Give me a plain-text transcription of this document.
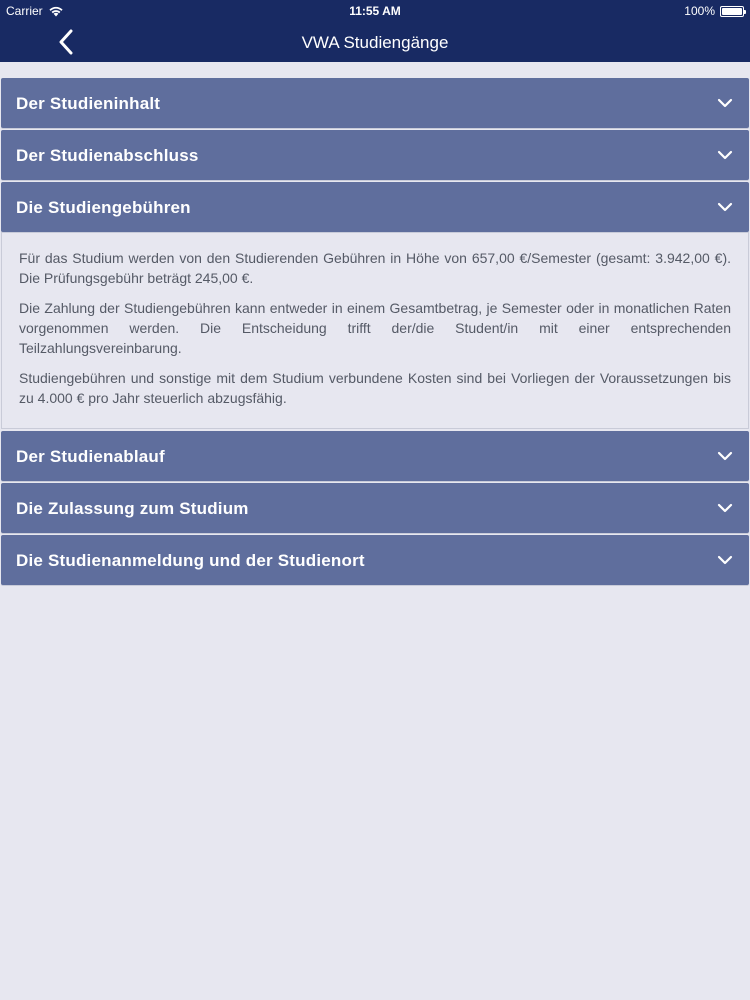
Carrier	11:55 AM	100%
VWA Studiengänge
Der Studieninhalt
Der Studienabschluss
Die Studiengebühren

Für das Studium werden von den Studierenden Gebühren in Höhe von 657,00 €/Semester (gesamt: 3.942,00 €). Die Prüfungsgebühr beträgt 245,00 €.

Die Zahlung der Studiengebühren kann entweder in einem Gesamtbetrag, je Semester oder in monatlichen Raten vorgenommen werden. Die Entscheidung trifft der/die Student/in mit einer entsprechenden Teilzahlungsvereinbarung.

Studiengebühren und sonstige mit dem Studium verbundene Kosten sind bei Vorliegen der Voraussetzungen bis zu 4.000 € pro Jahr steuerlich abzugsfähig.

Der Studienablauf
Die Zulassung zum Studium
Die Studienanmeldung und der Studienort
